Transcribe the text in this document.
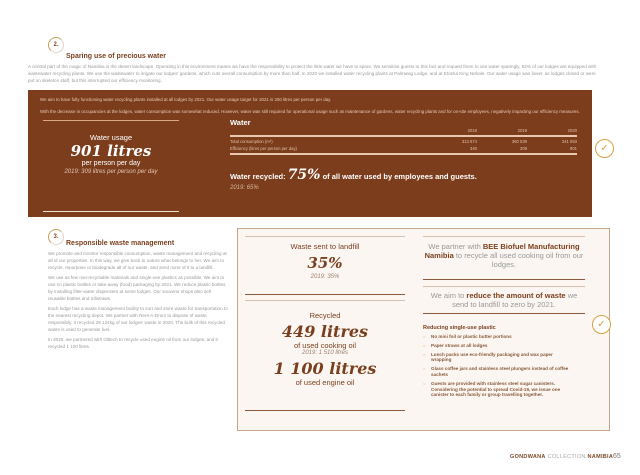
2.
Sparing use of precious water
A central part of the magic of Namibia is the desert landscape. Operating in this environment means we have the responsibility to protect the little water we have to spare. We sensitise guests to this fact and request them to use water sparingly. 82% of our lodges are equipped with wastewater recycling plants. We use the wastewater to irrigate our lodges' gardens, which cuts overall consumption by more than half. In 2020 we installed water recycling plants at Palmwag Lodge, and at Etosha King Nehale. Our water usage was lower, as lodges closed or were put on skeleton staff, but this interrupted our efficiency monitoring.
We aim to have fully functioning water recycling plants installed at all lodges by 2021. Our water usage target for 2021 is 200 litres per person per day.
With the decrease in occupancies at the lodges, water consumption was somewhat reduced. However, water was still required for operational usage such as maintenance of gardens, water recycling plants and for on-site employees, negatively impacting our efficiency measures.
Water usage
901 litres
per person per day
2019: 309 litres per person per day
Water
2018	2019	2020
Total consumption (m³)	313 674	360 539	341 593
Efficiency (litres per person per day)	340	309	901
Water recycled: 75% of all water used by employees and guests.
2019: 65%
✓
3.
Responsible waste management
We promote and monitor responsible consumption, waste management and recycling at all of our properties. In this way, we give back to nature what belongs to her. We aim to recycle, repurpose or biodegrade all of our waste, and send none of it to a landfill.
We use as few non-recyclable materials and single-use plastics as possible. We aim to use no plastic bottles or take-away (food) packaging by 2021. We reduce plastic bottles by installing filter-water dispensers at some lodges. Our souvenir shops also sell reusable bottles and Silistraws.
Each lodge has a waste management facility to sort and store waste for transportation to the nearest recycling depot. We partner with Rent-A-Drum to dispose of waste responsibly. It recycled 28 124kg of our lodges' waste in 2020. The bulk of this recycled waste is used to generate fuel.
In 2020, we partnered with Oiltech to recycle used engine oil from our lodges, and it recycled 1 100 litres.
Waste sent to landfill
35%
2019: 35%
Recycled
449 litres
of used cooking oil
2019: 1 510 litres
1 100 litres
of used engine oil
We partner with BEE Biofuel Manufacturing Namibia to recycle all used cooking oil from our lodges.
We aim to reduce the amount of waste we send to landfill to zero by 2021.
Reducing single-use plastic
○ No mini foil or plastic butter portions
○ Paper straws at all lodges
○ Lunch packs use eco-friendly packaging and wax paper wrapping
○ Glass coffee jars and stainless steel plungers instead of coffee sachets
○ Guests are provided with stainless steel sugar canisters. Considering the potential to spread Covid-19, we issue one canister to each family or group travelling together.
✓
GONDWANA COLLECTION NAMIBIA 65
